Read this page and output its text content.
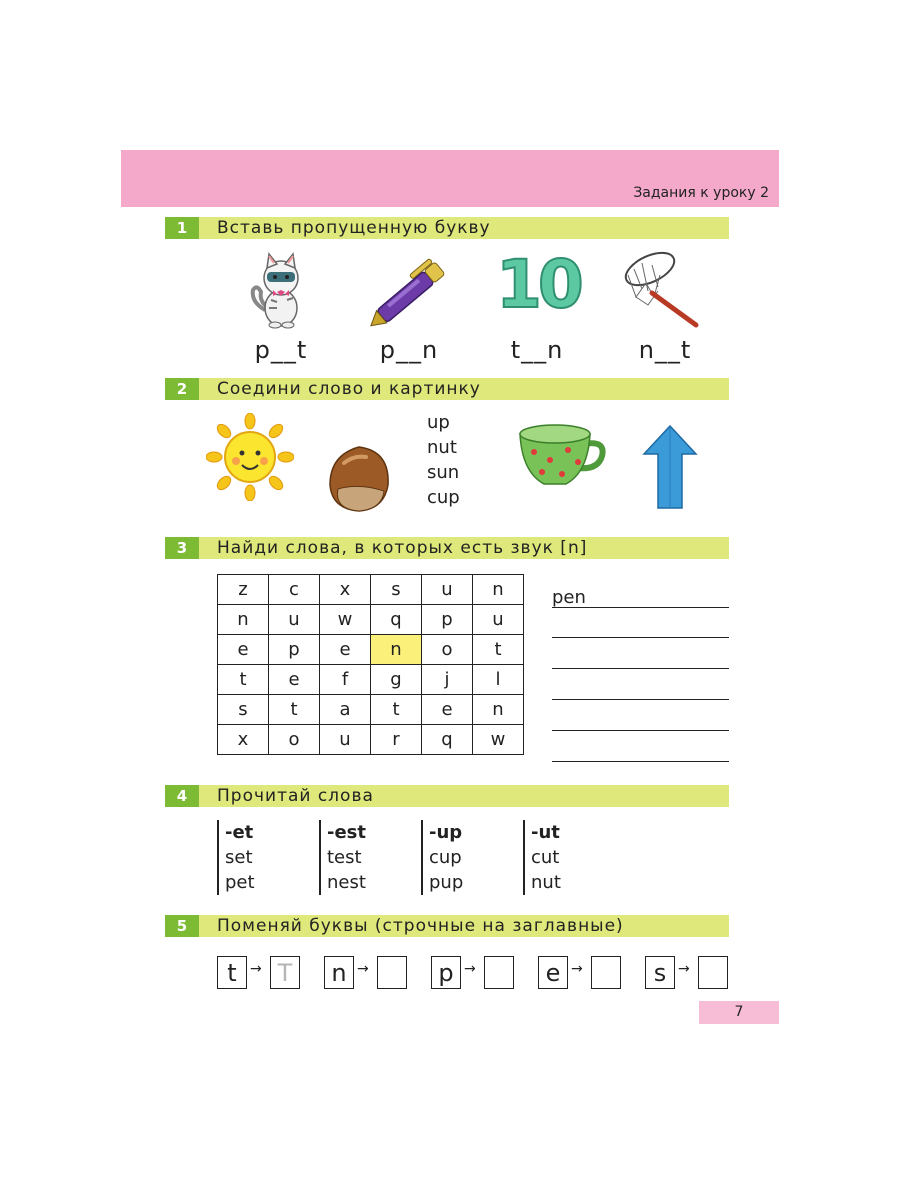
Задания к уроку 2
1	Вставь пропущенную букву
10
p__t	p__n	t__n	n__t
2	Соедини слово и картинку
up
nut
sun
cup
3	Найди слова, в которых есть звук [n]
z	c	x	s	u	n
n	u	w	q	p	u
e	p	e	n	o	t
t	e	f	g	j	l
s	t	a	t	e	n
x	o	u	r	q	w
pen
4	Прочитай слова
-et
set
pet
-est
test
nest
-up
cup
pup
-ut
cut
nut
5	Поменяй буквы (строчные на заглавные)
t → T	n →	p →	e →	s →
7
